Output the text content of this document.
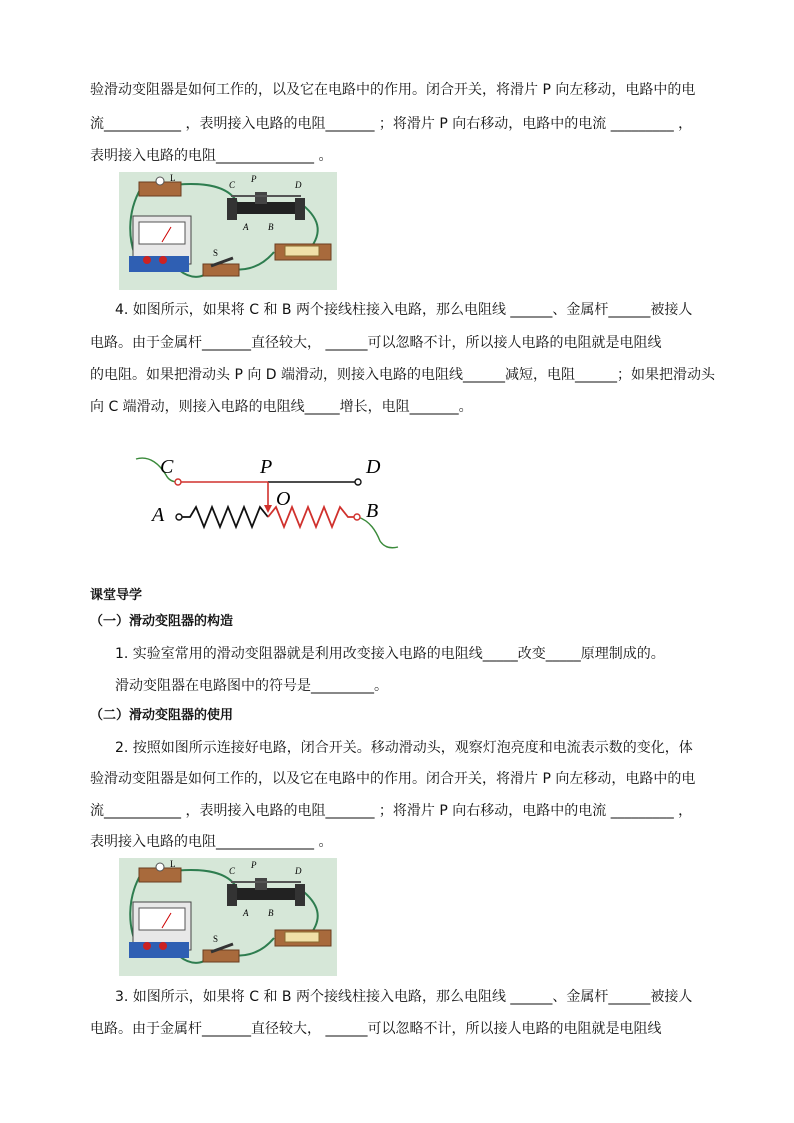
验滑动变阻器是如何工作的，以及它在电路中的作用。闭合开关，将滑片 P 向左移动，电路中的电
流___________ ，表明接入电路的电阻_______ ；将滑片 P 向右移动，电路中的电流 _________ ，
表明接入电路的电阻______________ 。
L
S
C
P
D
A B
4. 如图所示，如果将 C 和 B 两个接线柱接入电路，那么电阻线 ______、金属杆______被接人
电路。由于金属杆_______直径较大， ______可以忽略不计，所以接人电路的电阻就是电阻线
的电阻。如果把滑动头 P 向 D 端滑动，则接入电路的电阻线______减短，电阻______；如果把滑动头
向 C 端滑动，则接入电路的电阻线_____增长，电阻_______。
C	P	D
O
A	B
课堂导学
（一）滑动变阻器的构造
1. 实验室常用的滑动变阻器就是利用改变接入电路的电阻线_____改变_____原理制成的。
滑动变阻器在电路图中的符号是_________。
（二）滑动变阻器的使用
2. 按照如图所示连接好电路，闭合开关。移动滑动头，观察灯泡亮度和电流表示数的变化，体
验滑动变阻器是如何工作的，以及它在电路中的作用。闭合开关，将滑片 P 向左移动，电路中的电
流___________ ，表明接入电路的电阻_______ ；将滑片 P 向右移动，电路中的电流 _________ ，
表明接入电路的电阻______________ 。
L
S
C
P
D
A B
3. 如图所示，如果将 C 和 B 两个接线柱接入电路，那么电阻线 ______、金属杆______被接人
电路。由于金属杆_______直径较大， ______可以忽略不计，所以接人电路的电阻就是电阻线
